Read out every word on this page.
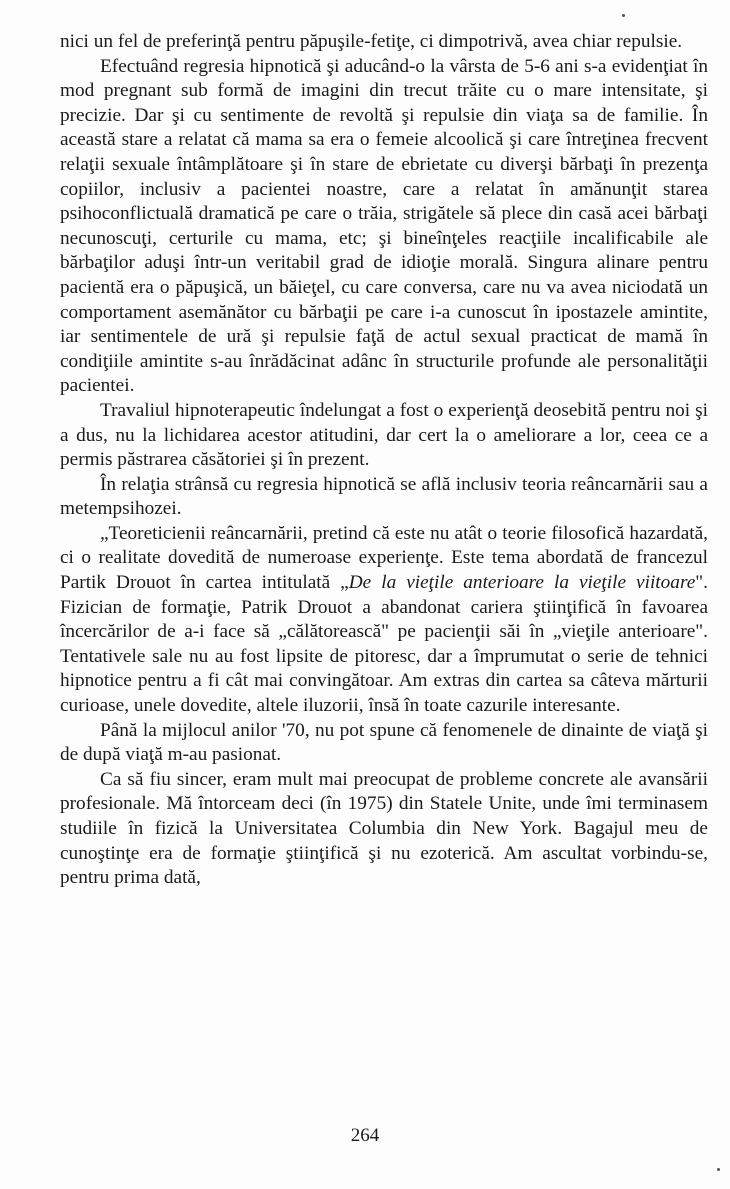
nici un fel de preferinţă pentru păpuşile-fetiţe, ci dimpotrivă, avea chiar repulsie.

Efectuând regresia hipnotică şi aducând-o la vârsta de 5-6 ani s-a evidenţiat în mod pregnant sub formă de imagini din trecut trăite cu o mare intensitate, şi precizie. Dar şi cu sentimente de revoltă şi repulsie din viaţa sa de familie. În această stare a relatat că mama sa era o femeie alcoolică şi care întreţinea frecvent relaţii sexuale întâmplătoare şi în stare de ebrietate cu diverşi bărbaţi în prezenţa copiilor, inclusiv a pacientei noastre, care a relatat în amănunţit starea psihoconflictuală dramatică pe care o trăia, strigătele să plece din casă acei bărbaţi necunoscuţi, certurile cu mama, etc; şi bineînţeles reacţiile incalificabile ale bărbaţilor aduşi într-un veritabil grad de idioţie morală. Singura alinare pentru pacientă era o păpuşică, un băieţel, cu care conversa, care nu va avea niciodată un comportament asemănător cu bărbaţii pe care i-a cunoscut în ipostazele amintite, iar sentimentele de ură şi repulsie faţă de actul sexual practicat de mamă în condiţiile amintite s-au înrădăcinat adânc în structurile profunde ale personalităţii pacientei.

Travaliul hipnoterapeutic îndelungat a fost o experienţă deosebită pentru noi şi a dus, nu la lichidarea acestor atitudini, dar cert la o ameliorare a lor, ceea ce a permis păstrarea căsătoriei şi în prezent.

În relaţia strânsă cu regresia hipnotică se află inclusiv teoria reâncarnării sau a metempsihozei.

„Teoreticienii reâncarnării, pretind că este nu atât o teorie filosofică hazardată, ci o realitate dovedită de numeroase experienţe. Este tema abordată de francezul Partik Drouot în cartea intitulată „De la vieţile anterioare la vieţile viitoare". Fizician de formaţie, Patrik Drouot a abandonat cariera ştiinţifică în favoarea încercărilor de a-i face să „călătorească" pe pacienţii săi în „vieţile anterioare". Tentativele sale nu au fost lipsite de pitoresc, dar a împrumutat o serie de tehnici hipnotice pentru a fi cât mai convingătoar. Am extras din cartea sa câteva mărturii curioase, unele dovedite, altele iluzorii, însă în toate cazurile interesante.

Până la mijlocul anilor '70, nu pot spune că fenomenele de dinainte de viaţă şi de după viaţă m-au pasionat.

Ca să fiu sincer, eram mult mai preocupat de probleme concrete ale avansării profesionale. Mă întorceam deci (în 1975) din Statele Unite, unde îmi terminasem studiile în fizică la Universitatea Columbia din New York. Bagajul meu de cunoştinţe era de formaţie ştiinţifică şi nu ezoterică. Am ascultat vorbindu-se, pentru prima dată,

264
